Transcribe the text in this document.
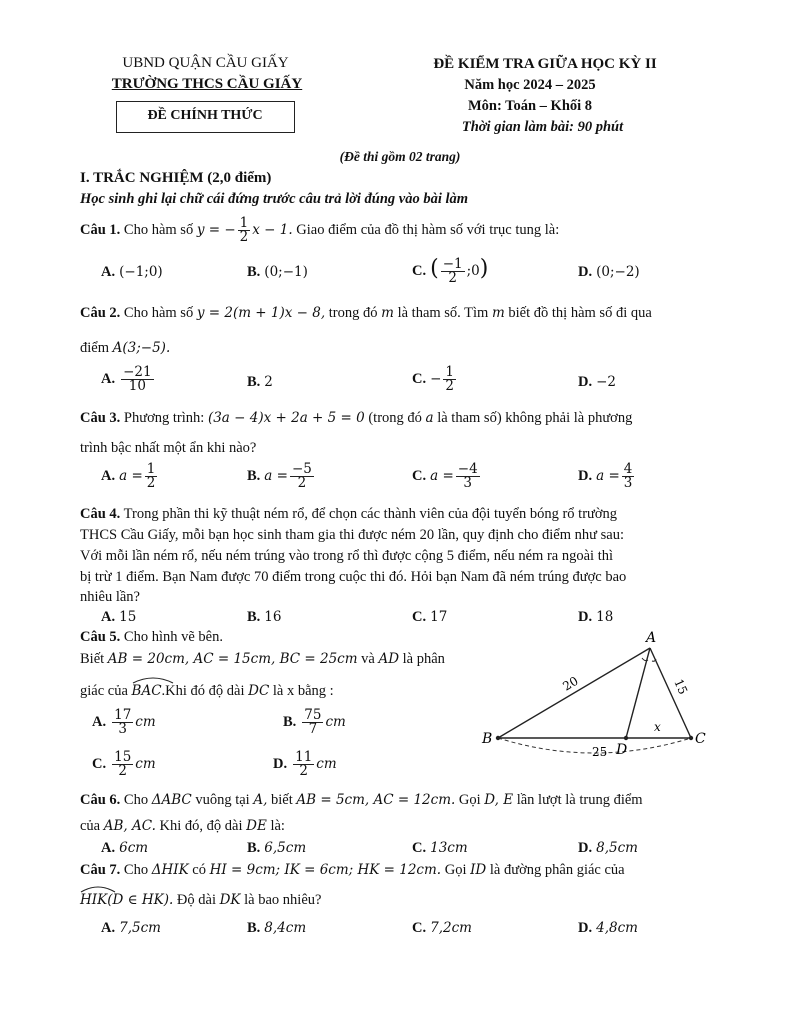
UBND QUẬN CẦU GIẤY
TRƯỜNG THCS CẦU GIẤY
ĐỀ CHÍNH THỨC
ĐỀ KIỂM TRA GIỮA HỌC KỲ II
Năm học 2024 – 2025
Môn: Toán – Khối 8
Thời gian làm bài: 90 phút
(Đề thi gồm 02 trang)
I. TRẮC NGHIỆM (2,0 điểm)
Học sinh ghi lại chữ cái đứng trước câu trả lời đúng vào bài làm
Câu 1. Cho hàm số y = − $\frac{1}{2}$ x − 1. Giao điểm của đồ thị hàm số với trục tung là:
A. (−1;0)	B. (0;−1)	C. ( $\frac{-1}{2}$ ;0)	D. (0;−2)
Câu 2. Cho hàm số y = 2(m + 1)x − 8, trong đó m là tham số. Tìm m biết đồ thị hàm số đi qua
điểm A(3;−5).
A. $\frac{-21}{10}$	B. 2	C. − $\frac{1}{2}$	D. −2
Câu 3. Phương trình: (3a − 4)x + 2a + 5 = 0 (trong đó a là tham số) không phải là phương
trình bậc nhất một ẩn khi nào?
A. $a = \frac{1}{2}$	B. $a = \frac{-5}{2}$	C. $a = \frac{-4}{3}$	D. $a = \frac{4}{3}$
Câu 4. Trong phần thi kỹ thuật ném rổ, để chọn các thành viên của đội tuyển bóng rổ trường
THCS Cầu Giấy, mỗi bạn học sinh tham gia thi được ném 20 lần, quy định cho điểm như sau:
Với mỗi lần ném rổ, nếu ném trúng vào trong rổ thì được cộng 5 điểm, nếu ném ra ngoài thì
bị trừ 1 điểm. Bạn Nam được 70 điểm trong cuộc thi đó. Hỏi bạn Nam đã ném trúng được bao
nhiêu lần?
A. 15	B. 16	C. 17	D. 18
Câu 5. Cho hình vẽ bên.
Biết AB = 20cm, AC = 15cm, BC = 25cm và AD là phân
giác của BAC
.Khi đó độ dài DC là x bằng :
A. $\frac{17}{3}$ cm	B. $\frac{75}{7}$ cm
C. $\frac{15}{2}$ cm	D. $\frac{11}{2}$ cm
A
B	C
D
20	15
25
x
Câu 6. Cho ΔABC vuông tại A, biết AB = 5cm, AC = 12cm. Gọi D, E lần lượt là trung điểm
của AB, AC. Khi đó, độ dài DE là:
A. 6cm	B. 6,5cm	C. 13cm	D. 8,5cm
Câu 7. Cho ΔHIK có HI = 9cm; IK = 6cm; HK = 12cm. Gọi ID là đường phân giác của
HIK
(D ∈ HK). Độ dài DK là bao nhiêu?
A. 7,5cm	B. 8,4cm	C. 7,2cm	D. 4,8cm
